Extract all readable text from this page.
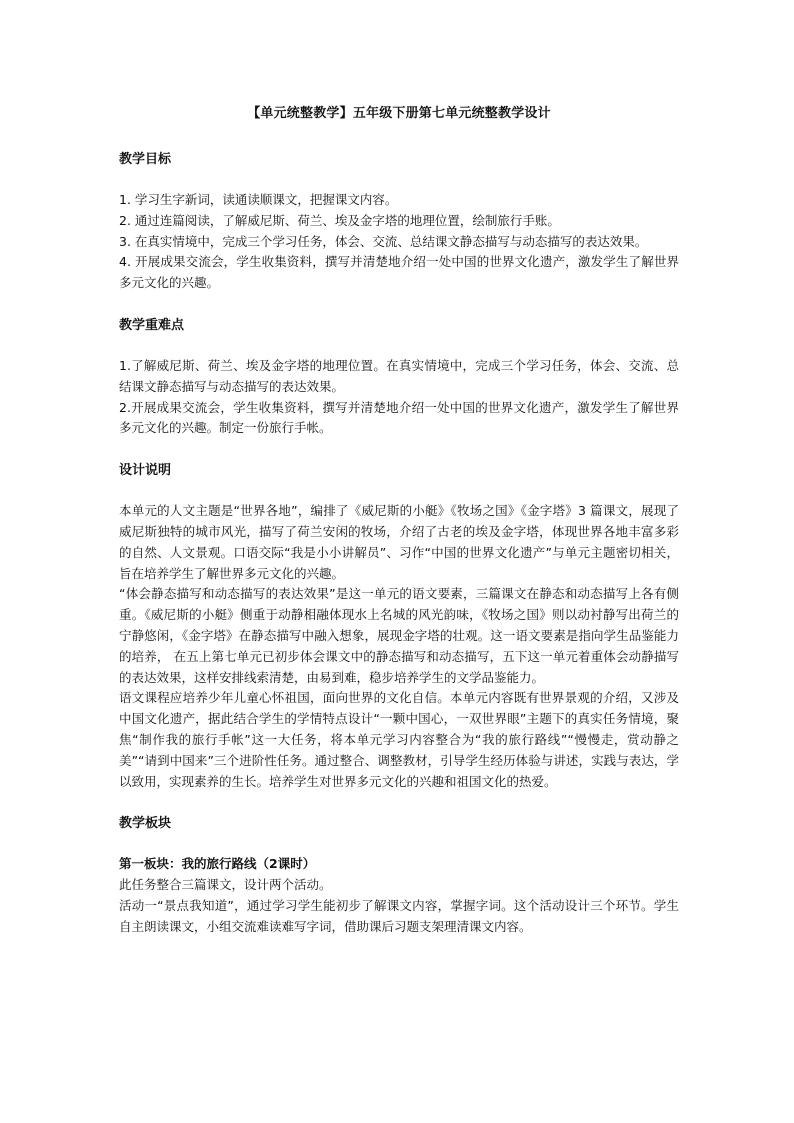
【单元统整教学】五年级下册第七单元统整教学设计
教学目标

1. 学习生字新词，读通读顺课文，把握课文内容。

2. 通过连篇阅读，了解威尼斯、荷兰、埃及金字塔的地理位置，绘制旅行手账。

3. 在真实情境中，完成三个学习任务，体会、交流、总结课文静态描写与动态描写的表达效果。

4. 开展成果交流会，学生收集资料，撰写并清楚地介绍一处中国的世界文化遗产，激发学生了解世界多元文化的兴趣。

教学重难点

1.了解威尼斯、荷兰、埃及金字塔的地理位置。在真实情境中，完成三个学习任务，体会、交流、总结课文静态描写与动态描写的表达效果。

2.开展成果交流会，学生收集资料，撰写并清楚地介绍一处中国的世界文化遗产，激发学生了解世界多元文化的兴趣。制定一份旅行手帐。

设计说明

本单元的人文主题是“世界各地”，编排了《威尼斯的小艇》《牧场之国》《金字塔》3 篇课文，展现了威尼斯独特的城市风光，描写了荷兰安闲的牧场，介绍了古老的埃及金字塔，体现世界各地丰富多彩的自然、人文景观。口语交际“我是小小讲解员”、习作“中国的世界文化遗产”与单元主题密切相关，旨在培养学生了解世界多元文化的兴趣。

“体会静态描写和动态描写的表达效果”是这一单元的语文要素，三篇课文在静态和动态描写上各有侧重。《威尼斯的小艇》侧重于动静相融体现水上名城的风光韵味，《牧场之国》则以动衬静写出荷兰的宁静悠闲，《金字塔》在静态描写中融入想象，展现金字塔的壮观。这一语文要素是指向学生品鉴能力的培养， 在五上第七单元已初步体会课文中的静态描写和动态描写，五下这一单元着重体会动静描写的表达效果，这样安排线索清楚，由易到难，稳步培养学生的文学品鉴能力。

语文课程应培养少年儿童心怀祖国，面向世界的文化自信。本单元内容既有世界景观的介绍，又涉及中国文化遗产，据此结合学生的学情特点设计“一颗中国心，一双世界眼”主题下的真实任务情境，聚焦“制作我的旅行手帐”这一大任务，将本单元学习内容整合为“我的旅行路线”“慢慢走，赏动静之美”“请到中国来”三个进阶性任务。通过整合、调整教材，引导学生经历体验与讲述，实践与表达，学以致用，实现素养的生长。培养学生对世界多元文化的兴趣和祖国文化的热爱。

教学板块

第一板块：我的旅行路线（2课时）

此任务整合三篇课文，设计两个活动。

活动一“景点我知道”，通过学习学生能初步了解课文内容，掌握字词。这个活动设计三个环节。学生自主朗读课文，小组交流难读难写字词，借助课后习题支架理清课文内容。
